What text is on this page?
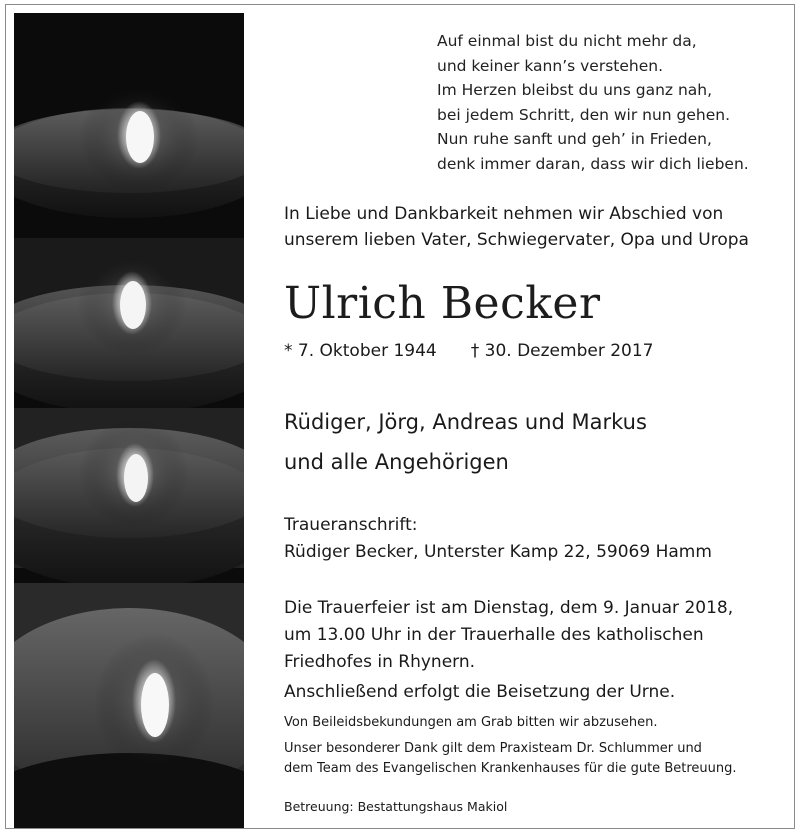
Auf einmal bist du nicht mehr da,
und keiner kann’s verstehen.
Im Herzen bleibst du uns ganz nah,
bei jedem Schritt, den wir nun gehen.
Nun ruhe sanft und geh’ in Frieden,
denk immer daran, dass wir dich lieben.
In Liebe und Dankbarkeit nehmen wir Abschied von
unserem lieben Vater, Schwiegervater, Opa und Uropa
Ulrich Becker
* 7. Oktober 1944 † 30. Dezember 2017
Rüdiger, Jörg, Andreas und Markus
und alle Angehörigen
Traueranschrift:
Rüdiger Becker, Unterster Kamp 22, 59069 Hamm
Die Trauerfeier ist am Dienstag, dem 9. Januar 2018,
um 13.00 Uhr in der Trauerhalle des katholischen
Friedhofes in Rhynern.
Anschließend erfolgt die Beisetzung der Urne.
Von Beileidsbekundungen am Grab bitten wir abzusehen.
Unser besonderer Dank gilt dem Praxisteam Dr. Schlummer und
dem Team des Evangelischen Krankenhauses für die gute Betreuung.
Betreuung: Bestattungshaus Makiol
